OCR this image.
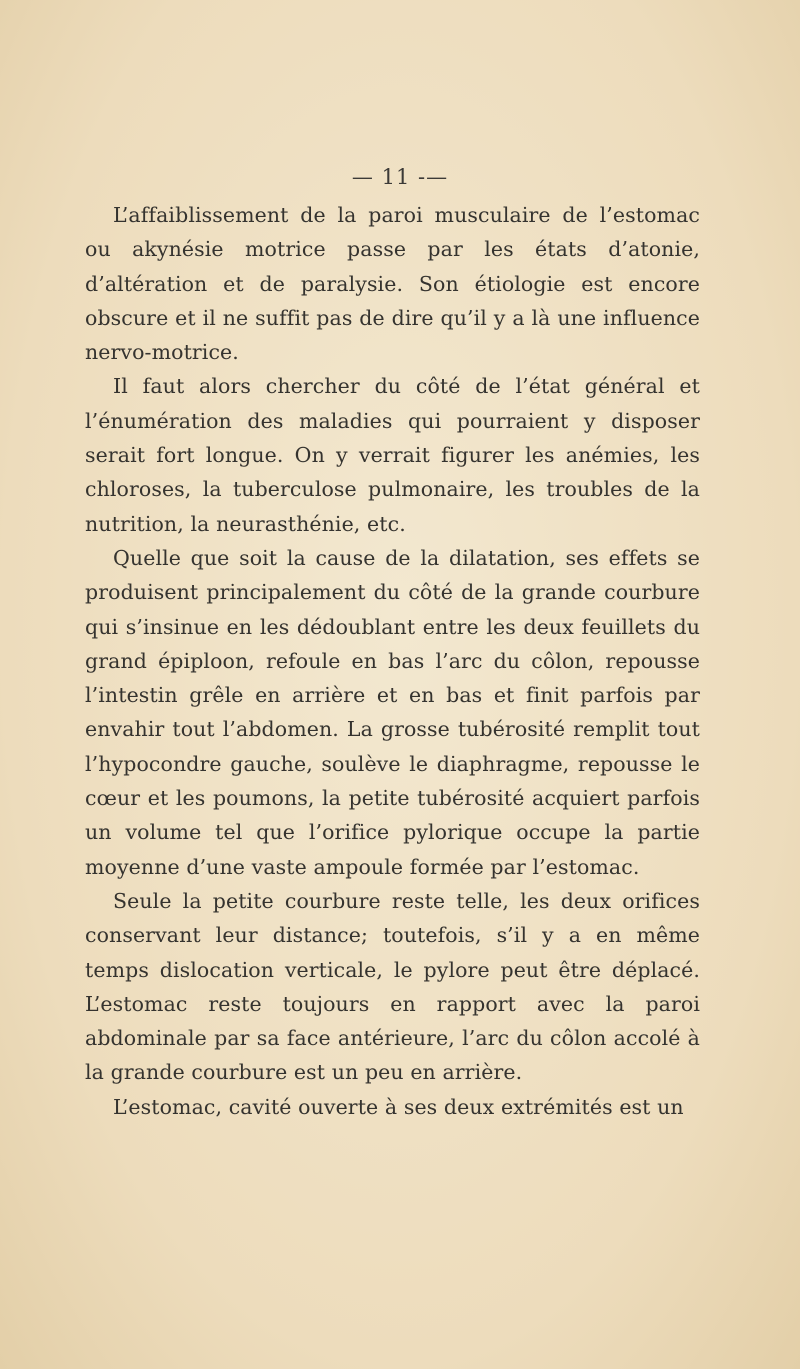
— 11 -—

L’affaiblissement de la paroi musculaire de l’estomac ou akynésie motrice passe par les états d’atonie, d’altération et de paralysie. Son étiologie est encore obscure et il ne suffit pas de dire qu’il y a là une influence nervo-motrice.

Il faut alors chercher du côté de l’état général et l’énumération des maladies qui pourraient y disposer serait fort longue. On y verrait figurer les anémies, les chloroses, la tuberculose pulmonaire, les troubles de la nutrition, la neurasthénie, etc.

Quelle que soit la cause de la dilatation, ses effets se produisent principalement du côté de la grande courbure qui s’insinue en les dédoublant entre les deux feuillets du grand épiploon, refoule en bas l’arc du côlon, repousse l’intestin grêle en arrière et en bas et finit parfois par envahir tout l’abdomen. La grosse tubérosité remplit tout l’hypocondre gauche, soulève le diaphragme, repousse le cœur et les poumons, la petite tubérosité acquiert parfois un volume tel que l’orifice pylorique occupe la partie moyenne d’une vaste ampoule formée par l’estomac.

Seule la petite courbure reste telle, les deux orifices conservant leur distance; toutefois, s’il y a en même temps dislocation verticale, le pylore peut être déplacé. L’estomac reste toujours en rapport avec la paroi abdominale par sa face antérieure, l’arc du côlon accolé à la grande courbure est un peu en arrière.

L’estomac, cavité ouverte à ses deux extrémités est un
